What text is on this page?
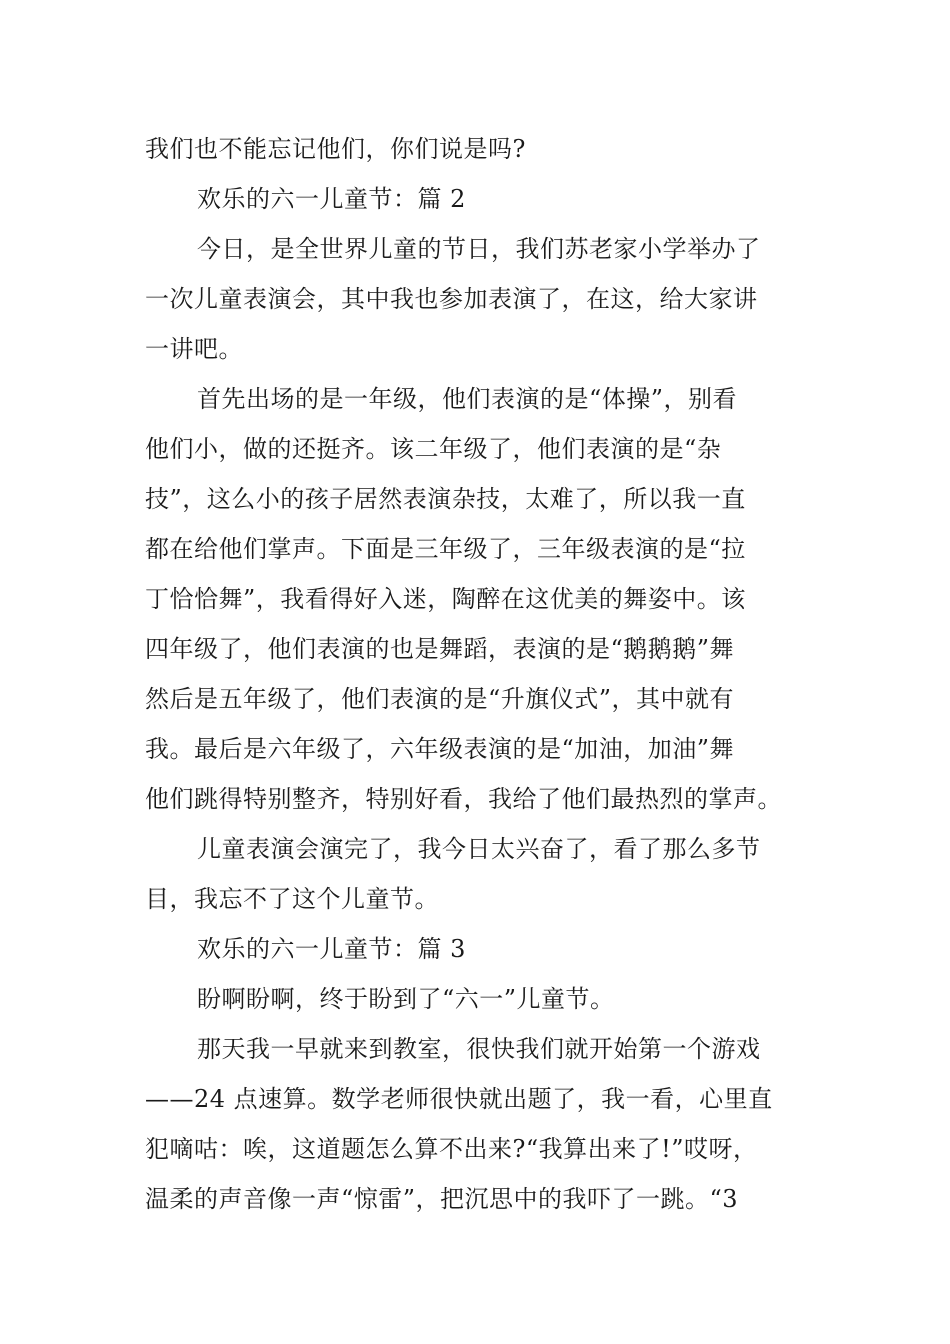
我们也不能忘记他们，你们说是吗?
欢乐的六一儿童节：篇 2
今日，是全世界儿童的节日，我们苏老家小学举办了
一次儿童表演会，其中我也参加表演了，在这，给大家讲
一讲吧。
首先出场的是一年级，他们表演的是“体操”，别看
他们小，做的还挺齐。该二年级了，他们表演的是“杂
技”，这么小的孩子居然表演杂技，太难了，所以我一直
都在给他们掌声。下面是三年级了，三年级表演的是“拉
丁恰恰舞”，我看得好入迷，陶醉在这优美的舞姿中。该
四年级了，他们表演的也是舞蹈，表演的是“鹅鹅鹅”舞
然后是五年级了，他们表演的是“升旗仪式”，其中就有
我。最后是六年级了，六年级表演的是“加油，加油”舞
他们跳得特别整齐，特别好看，我给了他们最热烈的掌声。
儿童表演会演完了，我今日太兴奋了，看了那么多节
目，我忘不了这个儿童节。
欢乐的六一儿童节：篇 3
盼啊盼啊，终于盼到了“六一”儿童节。
那天我一早就来到教室，很快我们就开始第一个游戏
——24 点速算。数学老师很快就出题了，我一看，心里直
犯嘀咕：唉，这道题怎么算不出来?“我算出来了!”哎呀，
温柔的声音像一声“惊雷”，把沉思中的我吓了一跳。“3
